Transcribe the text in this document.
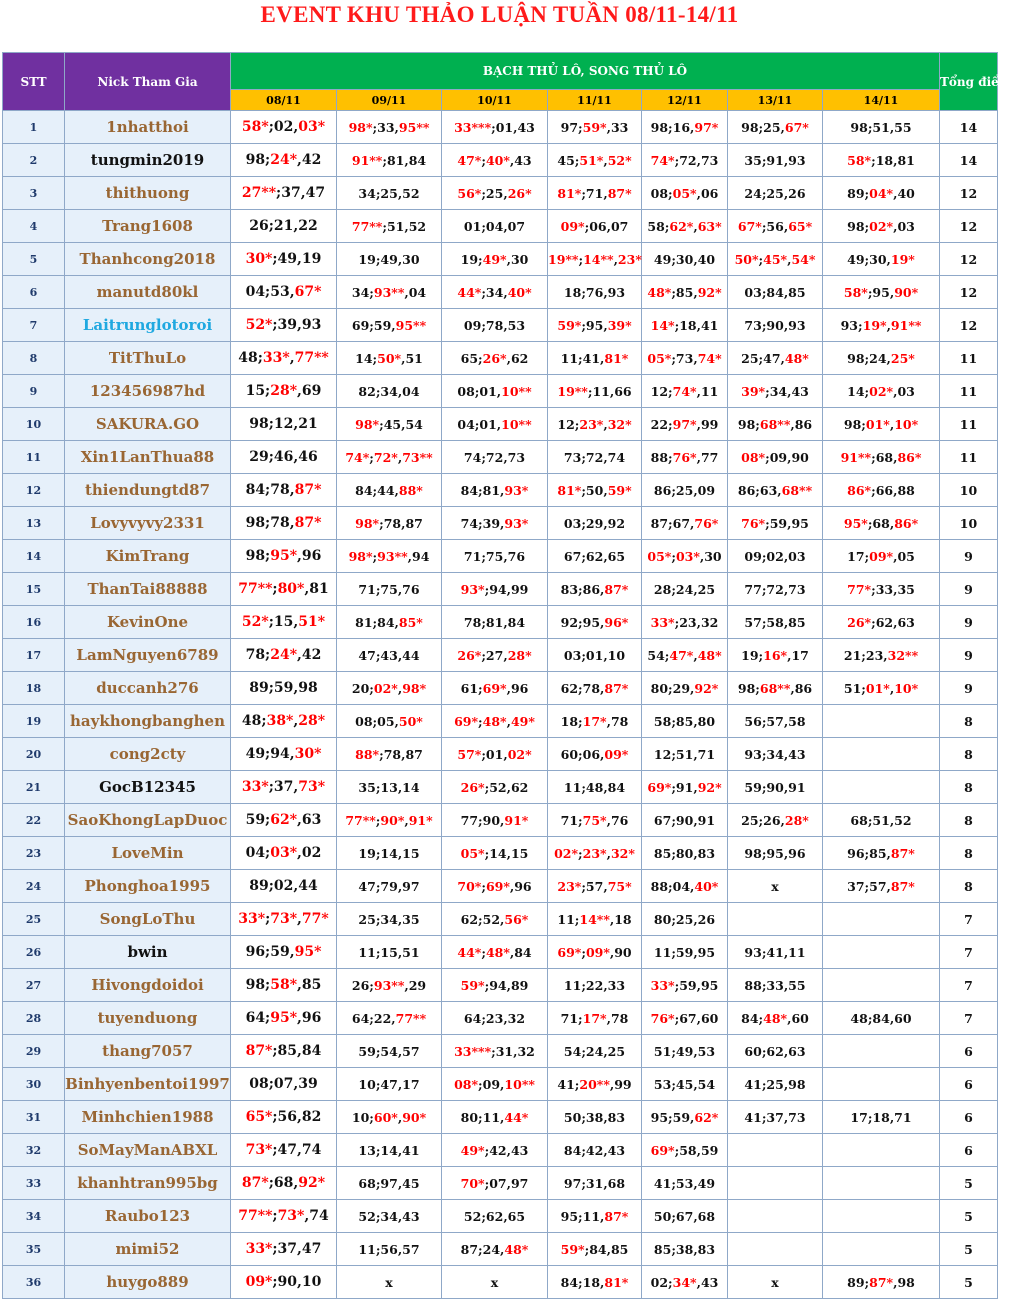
EVENT KHU THẢO LUẬN TUẦN 08/11-14/11
STT	Nick Tham Gia	BẠCH THỦ LÔ, SONG THỦ LÔ							Tổng điểm
		08/11	09/11	10/11	11/11	12/11	13/11	14/11	
1	1nhatthoi	58*;02,03*	98*;33,95**	33***;01,43	97;59*,33	98;16,97*	98;25,67*	98;51,55	14
2	tungmin2019	98;24*,42	91**;81,84	47*;40*,43	45;51*,52*	74*;72,73	35;91,93	58*;18,81	14
3	thithuong	27**;37,47	34;25,52	56*;25,26*	81*;71,87*	08;05*,06	24;25,26	89;04*,40	12
4	Trang1608	26;21,22	77**;51,52	01;04,07	09*;06,07	58;62*,63*	67*;56,65*	98;02*,03	12
5	Thanhcong2018	30*;49,19	19;49,30	19;49*,30	19**;14**,23*	49;30,40	50*;45*,54*	49;30,19*	12
6	manutd80kl	04;53,67*	34;93**,04	44*;34,40*	18;76,93	48*;85,92*	03;84,85	58*;95,90*	12
7	Laitrunglotoroi	52*;39,93	69;59,95**	09;78,53	59*;95,39*	14*;18,41	73;90,93	93;19*,91**	12
8	TitThuLo	48;33*,77**	14;50*,51	65;26*,62	11;41,81*	05*;73,74*	25;47,48*	98;24,25*	11
9	123456987hd	15;28*,69	82;34,04	08;01,10**	19**;11,66	12;74*,11	39*;34,43	14;02*,03	11
10	SAKURA.GO	98;12,21	98*;45,54	04;01,10**	12;23*,32*	22;97*,99	98;68**,86	98;01*,10*	11
11	Xin1LanThua88	29;46,46	74*;72*,73**	74;72,73	73;72,74	88;76*,77	08*;09,90	91**;68,86*	11
12	thiendungtd87	84;78,87*	84;44,88*	84;81,93*	81*;50,59*	86;25,09	86;63,68**	86*;66,88	10
13	Lovyvyvy2331	98;78,87*	98*;78,87	74;39,93*	03;29,92	87;67,76*	76*;59,95	95*;68,86*	10
14	KimTrang	98;95*,96	98*;93**,94	71;75,76	67;62,65	05*;03*,30	09;02,03	17;09*,05	9
15	ThanTai88888	77**;80*,81	71;75,76	93*;94,99	83;86,87*	28;24,25	77;72,73	77*;33,35	9
16	KevinOne	52*;15,51*	81;84,85*	78;81,84	92;95,96*	33*;23,32	57;58,85	26*;62,63	9
17	LamNguyen6789	78;24*,42	47;43,44	26*;27,28*	03;01,10	54;47*,48*	19;16*,17	21;23,32**	9
18	duccanh276	89;59,98	20;02*,98*	61;69*,96	62;78,87*	80;29,92*	98;68**,86	51;01*,10*	9
19	haykhongbanghen	48;38*,28*	08;05,50*	69*;48*,49*	18;17*,78	58;85,80	56;57,58		8
20	cong2cty	49;94,30*	88*;78,87	57*;01,02*	60;06,09*	12;51,71	93;34,43		8
21	GocB12345	33*;37,73*	35;13,14	26*;52,62	11;48,84	69*;91,92*	59;90,91		8
22	SaoKhongLapDuoc	59;62*,63	77**;90*,91*	77;90,91*	71;75*,76	67;90,91	25;26,28*	68;51,52	8
23	LoveMin	04;03*,02	19;14,15	05*;14,15	02*;23*,32*	85;80,83	98;95,96	96;85,87*	8
24	Phonghoa1995	89;02,44	47;79,97	70*;69*,96	23*;57,75*	88;04,40*	x	37;57,87*	8
25	SongLoThu	33*;73*,77*	25;34,35	62;52,56*	11;14**,18	80;25,26			7
26	bwin	96;59,95*	11;15,51	44*;48*,84	69*;09*,90	11;59,95	93;41,11		7
27	Hivongdoidoi	98;58*,85	26;93**,29	59*;94,89	11;22,33	33*;59,95	88;33,55		7
28	tuyenduong	64;95*,96	64;22,77**	64;23,32	71;17*,78	76*;67,60	84;48*,60	48;84,60	7
29	thang7057	87*;85,84	59;54,57	33***;31,32	54;24,25	51;49,53	60;62,63		6
30	Binhyenbentoi1997	08;07,39	10;47,17	08*;09,10**	41;20**,99	53;45,54	41;25,98		6
31	Minhchien1988	65*;56,82	10;60*,90*	80;11,44*	50;38,83	95;59,62*	41;37,73	17;18,71	6
32	SoMayManABXL	73*;47,74	13;14,41	49*;42,43	84;42,43	69*;58,59			6
33	khanhtran995bg	87*;68,92*	68;97,45	70*;07,97	97;31,68	41;53,49			5
34	Raubo123	77**;73*,74	52;34,43	52;62,65	95;11,87*	50;67,68			5
35	mimi52	33*;37,47	11;56,57	87;24,48*	59*;84,85	85;38,83			5
36	huygo889	09*;90,10	x	x	84;18,81*	02;34*,43	x	89;87*,98	5
